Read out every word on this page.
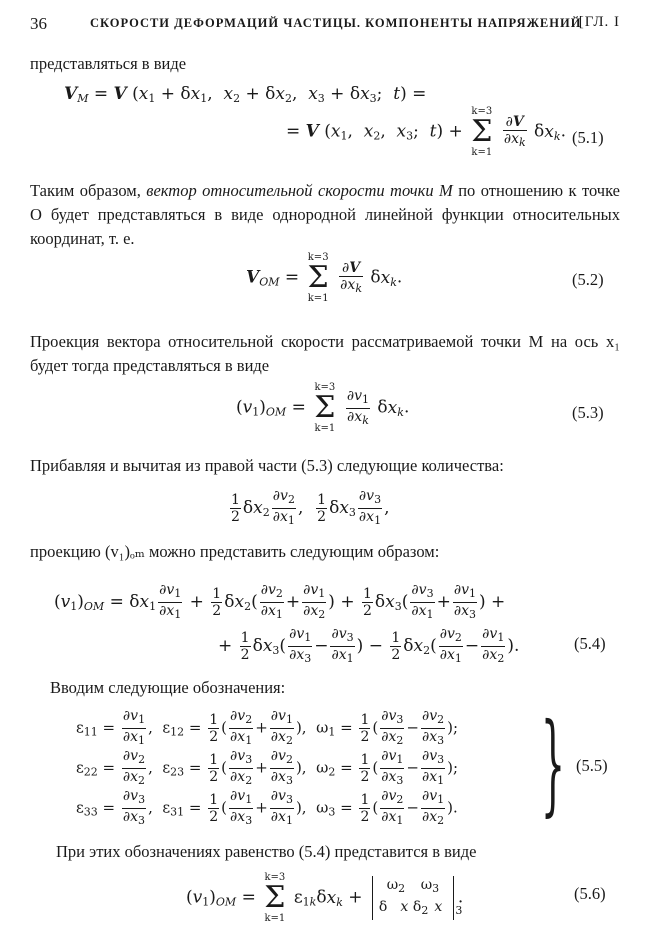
36	СКОРОСТИ ДЕФОРМАЦИЙ ЧАСТИЦЫ. КОМПОНЕНТЫ НАПРЯЖЕНИЙ
[ГЛ. I
представляться в виде
$V_M = V$ ($x_1 + \delta x_1$,  $x_2 + \delta x_2$,  $x_3 + \delta x_3$;  t) =
= V ($x_1$,  $x_2$,  $x_3$;  t) +
k=3
Σ
k=1

$\frac{\partial V}{\partial x_k} \delta x_k$. (5.1)
Таким образом, вектор относительной скорости точки M по отношению к точке O будет представляться в виде однородной линейной функции относительных координат, т. е.
$V_{OM}$ =
k=3
Σ
k=1

$\frac{\partial V}{\partial x_k} \delta x_k$.	(5.2)
Проекция вектора относительной скорости рассматриваемой точки M на ось x₁ будет тогда представляться в виде
$(v_1)_{OM}$ =
k=3
Σ
k=1
$\frac{\partial v_1}{\partial x_k} \delta x_k$.	(5.3)
Прибавляя и вычитая из правой части (5.3) следующие количества:
$\frac{1}{2} \delta x_2 \frac{\partial v_2}{\partial x_1}$ , $\frac{1}{2} \delta x_3 \frac{\partial v_3}{\partial x_1}$ ,
проекцию (v₁)ₒₘ можно представить следующим образом:
$(v_1)_{OM} = \delta x_1 \frac{\partial v_1}{\partial x_1} + \frac{1}{2} \delta x_2( \frac{\partial v_2}{\partial x_1} + \frac{\partial v_1}{\partial x_2}$ ) + $\frac{1}{2} \delta x_3( \frac{\partial v_3}{\partial x_1} + \frac{\partial v_1}{\partial x_3}$ ) +
+ $\frac{1}{2} \delta x_3( \frac{\partial v_1}{\partial x_3} - \frac{\partial v_3}{\partial x_1}$ ) − $\frac{1}{2} \delta x_2( \frac{\partial v_2}{\partial x_1} - \frac{\partial v_1}{\partial x_2}$ ).	(5.4)
Вводим следующие обозначения:
$\varepsilon_{11} = \frac{\partial v_1}{\partial x_1}$ ,  $\varepsilon_{12} = \frac{1}{2}$ ( $\frac{\partial v_2}{\partial x_1} + \frac{\partial v_1}{\partial x_2}$ ),  $\omega_1 = \frac{1}{2}$ ( $\frac{\partial v_3}{\partial x_2} - \frac{\partial v_2}{\partial x_3}$ );
$\varepsilon_{22} = \frac{\partial v_2}{\partial x_2}$ ,  $\varepsilon_{23} = \frac{1}{2}$ ( $\frac{\partial v_3}{\partial x_2} + \frac{\partial v_2}{\partial x_3}$ ),  $\omega_2 = \frac{1}{2}$ ( $\frac{\partial v_1}{\partial x_3} - \frac{\partial v_3}{\partial x_1}$ );
$\varepsilon_{33} = \frac{\partial v_3}{\partial x_3}$ ,  $\varepsilon_{31} = \frac{1}{2}$ ( $\frac{\partial v_1}{\partial x_3} + \frac{\partial v_3}{\partial x_1}$ ),  $\omega_3 = \frac{1}{2}$ ( $\frac{\partial v_2}{\partial x_1} - \frac{\partial v_1}{\partial x_2}$ ). } (5.5)
При этих обозначениях равенство (5.4) представится в виде
$(v_1)_{OM}$ =
k=3
Σ
k=1
$\varepsilon_{1k}\delta x_k + \omega_2$ $\omega_3$
δ x $_2$δ x $_3$.	(5.6)
